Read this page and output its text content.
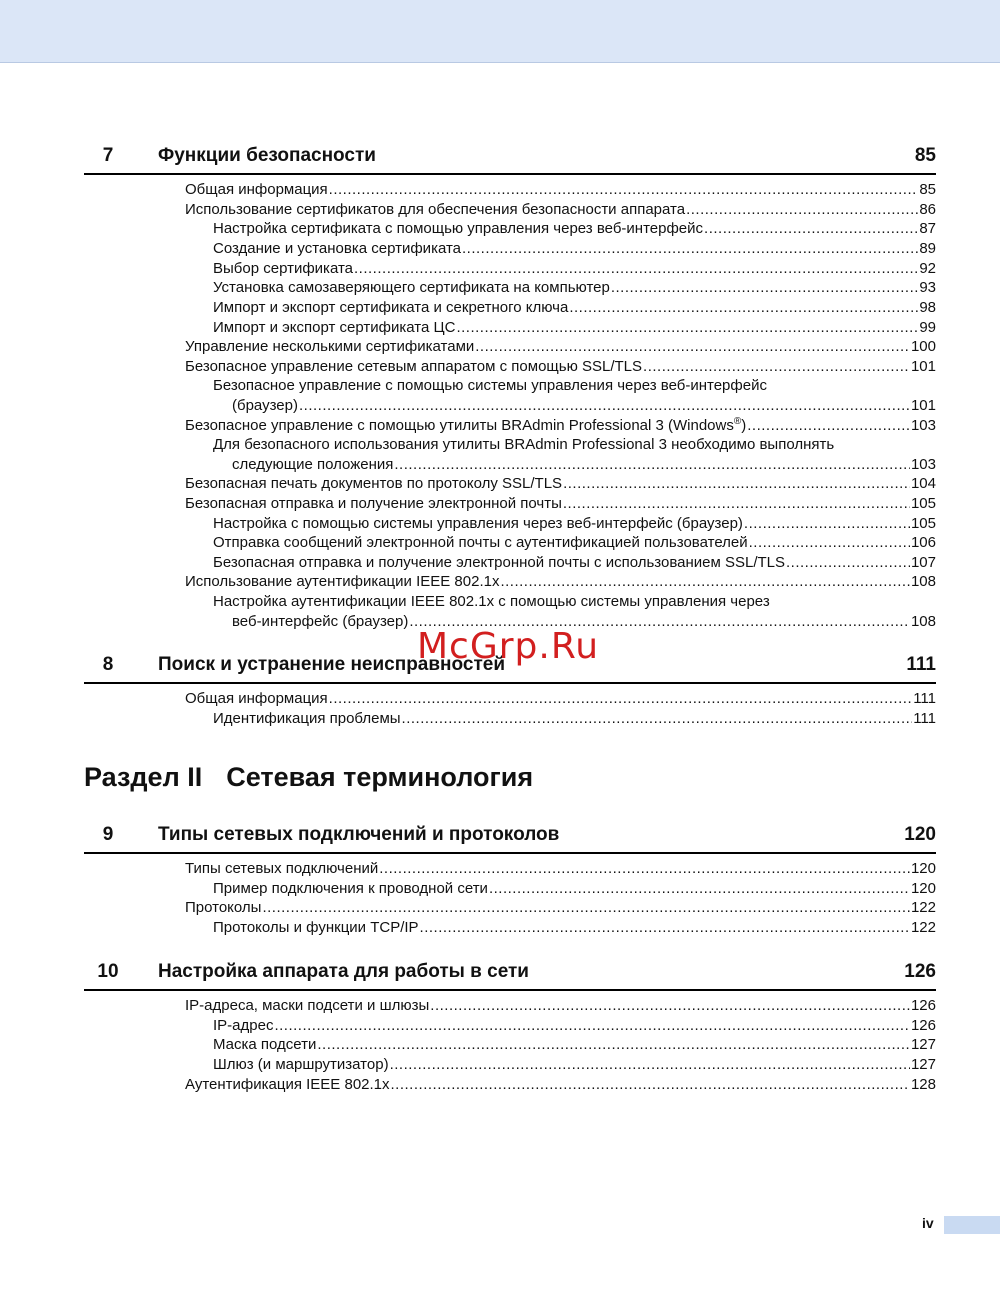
7	Функции безопасности	85
Общая информация .....	85
Использование сертификатов для обеспечения безопасности аппарата .....	86
Настройка сертификата с помощью управления через веб-интерфейс .....	87
Создание и установка сертификата .....	89
Выбор сертификата .....	92
Установка самозаверяющего сертификата на компьютер .....	93
Импорт и экспорт сертификата и секретного ключа .....	98
Импорт и экспорт сертификата ЦС .....	99
Управление несколькими сертификатами .....	100
Безопасное управление сетевым аппаратом с помощью SSL/TLS .....	101
Безопасное управление с помощью системы управления через веб-интерфейс
(браузер) .....	101
Безопасное управление с помощью утилиты BRAdmin Professional 3 (Windows®) .....	103
Для безопасного использования утилиты BRAdmin Professional 3 необходимо выполнять
следующие положения .....	103
Безопасная печать документов по протоколу SSL/TLS .....	104
Безопасная отправка и получение электронной почты .....	105
Настройка с помощью системы управления через веб-интерфейс (браузер) .....	105
Отправка сообщений электронной почты с аутентификацией пользователей .....	106
Безопасная отправка и получение электронной почты с использованием SSL/TLS .....	107
Использование аутентификации IEEE 802.1x .....	108
Настройка аутентификации IEEE 802.1x с помощью системы управления через
веб-интерфейс (браузер) .....	108
8	Поиск и устранение неисправностей	111
Общая информация .....	111
Идентификация проблемы .....	111
Раздел II Сетевая терминология
9	Типы сетевых подключений и протоколов	120
Типы сетевых подключений .....	120
Пример подключения к проводной сети .....	120
Протоколы .....	122
Протоколы и функции TCP/IP .....	122
10	Настройка аппарата для работы в сети	126
IP-адреса, маски подсети и шлюзы .....	126
IP-адрес .....	126
Маска подсети .....	127
Шлюз (и маршрутизатор) .....	127
Аутентификация IEEE 802.1x .....	128
McGrp.Ru
iv
